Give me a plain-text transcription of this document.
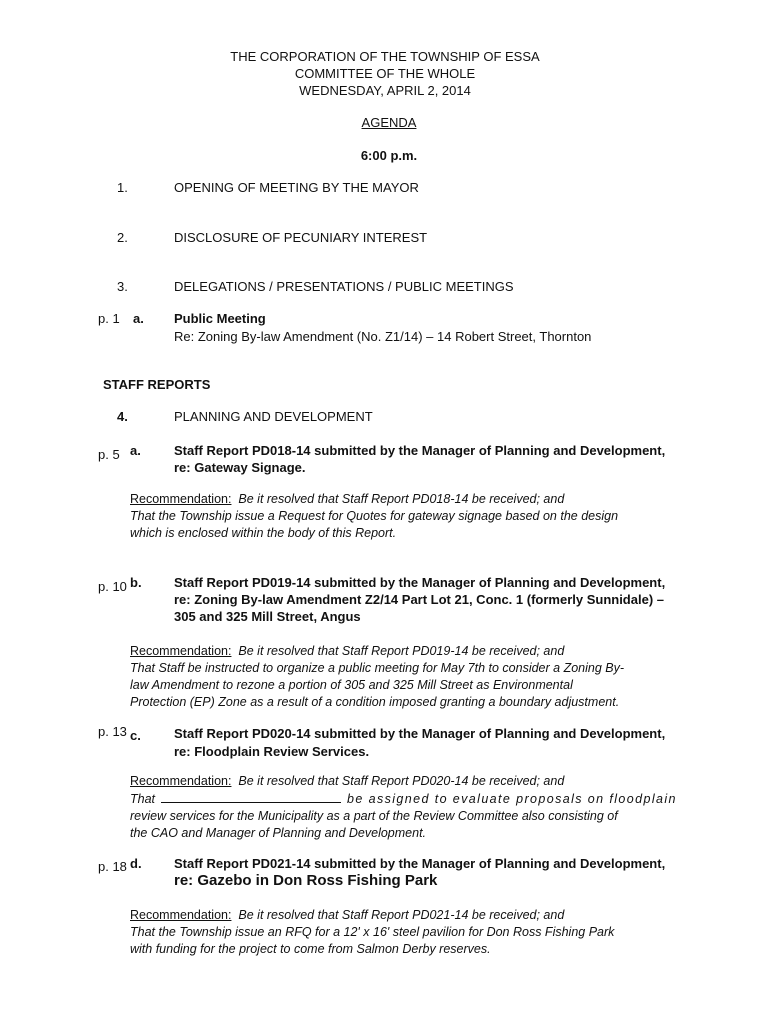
THE CORPORATION OF THE TOWNSHIP OF ESSA
COMMITTEE OF THE WHOLE
WEDNESDAY, APRIL 2, 2014
AGENDA
6:00 p.m.
1.	OPENING OF MEETING BY THE MAYOR
2.	DISCLOSURE OF PECUNIARY INTEREST
3.	DELEGATIONS / PRESENTATIONS / PUBLIC MEETINGS
p. 1 a. Public Meeting
Re: Zoning By-law Amendment (No. Z1/14) – 14 Robert Street, Thornton
STAFF REPORTS
4.	PLANNING AND DEVELOPMENT
p. 5 a.	Staff Report PD018-14 submitted by the Manager of Planning and Development,
re: Gateway Signage.
Recommendation: Be it resolved that Staff Report PD018-14 be received; and
That the Township issue a Request for Quotes for gateway signage based on the design
which is enclosed within the body of this Report.
p. 10 b. Staff Report PD019-14 submitted by the Manager of Planning and Development,
re: Zoning By-law Amendment Z2/14 Part Lot 21, Conc. 1 (formerly Sunnidale) –
305 and 325 Mill Street, Angus
Recommendation: Be it resolved that Staff Report PD019-14 be received; and
That Staff be instructed to organize a public meeting for May 7th to consider a Zoning By-
law Amendment to rezone a portion of 305 and 325 Mill Street as Environmental
Protection (EP) Zone as a result of a condition imposed granting a boundary adjustment.
p. 13 c.	Staff Report PD020-14 submitted by the Manager of Planning and Development,
re: Floodplain Review Services.
Recommendation: Be it resolved that Staff Report PD020-14 be received; and
That	be assigned to evaluate proposals on floodplain
review services for the Municipality as a part of the Review Committee also consisting of
the CAO and Manager of Planning and Development.
p. 18 d. Staff Report PD021-14 submitted by the Manager of Planning and Development,
re: Gazebo in Don Ross Fishing Park
Recommendation: Be it resolved that Staff Report PD021-14 be received; and
That the Township issue an RFQ for a 12' x 16' steel pavilion for Don Ross Fishing Park
with funding for the project to come from Salmon Derby reserves.
